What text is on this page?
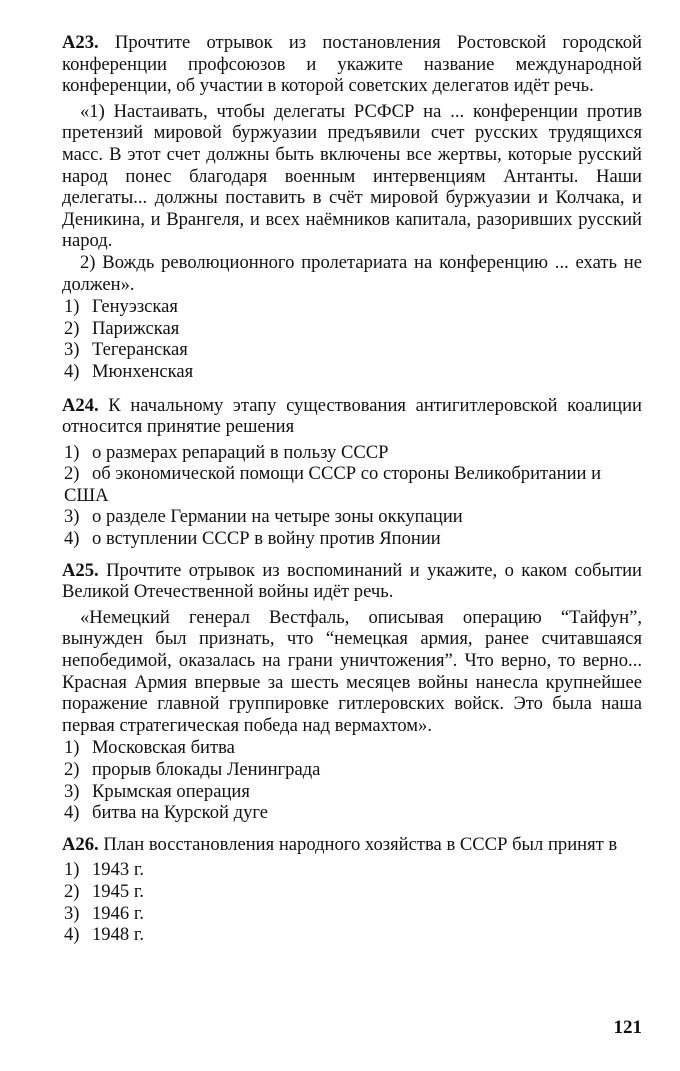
А23. Прочтите отрывок из постановления Ростовской городской конференции профсоюзов и укажите название международной конференции, об участии в которой советских делегатов идёт речь.

«1) Настаивать, чтобы делегаты РСФСР на ... конференции против претензий мировой буржуазии предъявили счет русских трудящихся масс. В этот счет должны быть включены все жертвы, которые русский народ понес благодаря военным интервенциям Антанты. Наши делегаты... должны поставить в счёт мировой буржуазии и Колчака, и Деникина, и Врангеля, и всех наёмников капитала, разоривших русский народ.

2) Вождь революционного пролетариата на конференцию ... ехать не должен».

1) Генуэзская
2) Парижская
3) Тегеранская
4) Мюнхенская

А24. К начальному этапу существования антигитлеровской коалиции относится принятие решения

1) о размерах репараций в пользу СССР
2) об экономической помощи СССР со стороны Великобритании и США
3) о разделе Германии на четыре зоны оккупации
4) о вступлении СССР в войну против Японии

А25. Прочтите отрывок из воспоминаний и укажите, о каком событии Великой Отечественной войны идёт речь.

«Немецкий генерал Вестфаль, описывая операцию “Тайфун”, вынужден был признать, что “немецкая армия, ранее считавшаяся непобедимой, оказалась на грани уничтожения”. Что верно, то верно... Красная Армия впервые за шесть месяцев войны нанесла крупнейшее поражение главной группировке гитлеровских войск. Это была наша первая стратегическая победа над вермахтом».

1) Московская битва
2) прорыв блокады Ленинграда
3) Крымская операция
4) битва на Курской дуге

А26. План восстановления народного хозяйства в СССР был принят в

1) 1943 г.
2) 1945 г.
3) 1946 г.
4) 1948 г.
121
